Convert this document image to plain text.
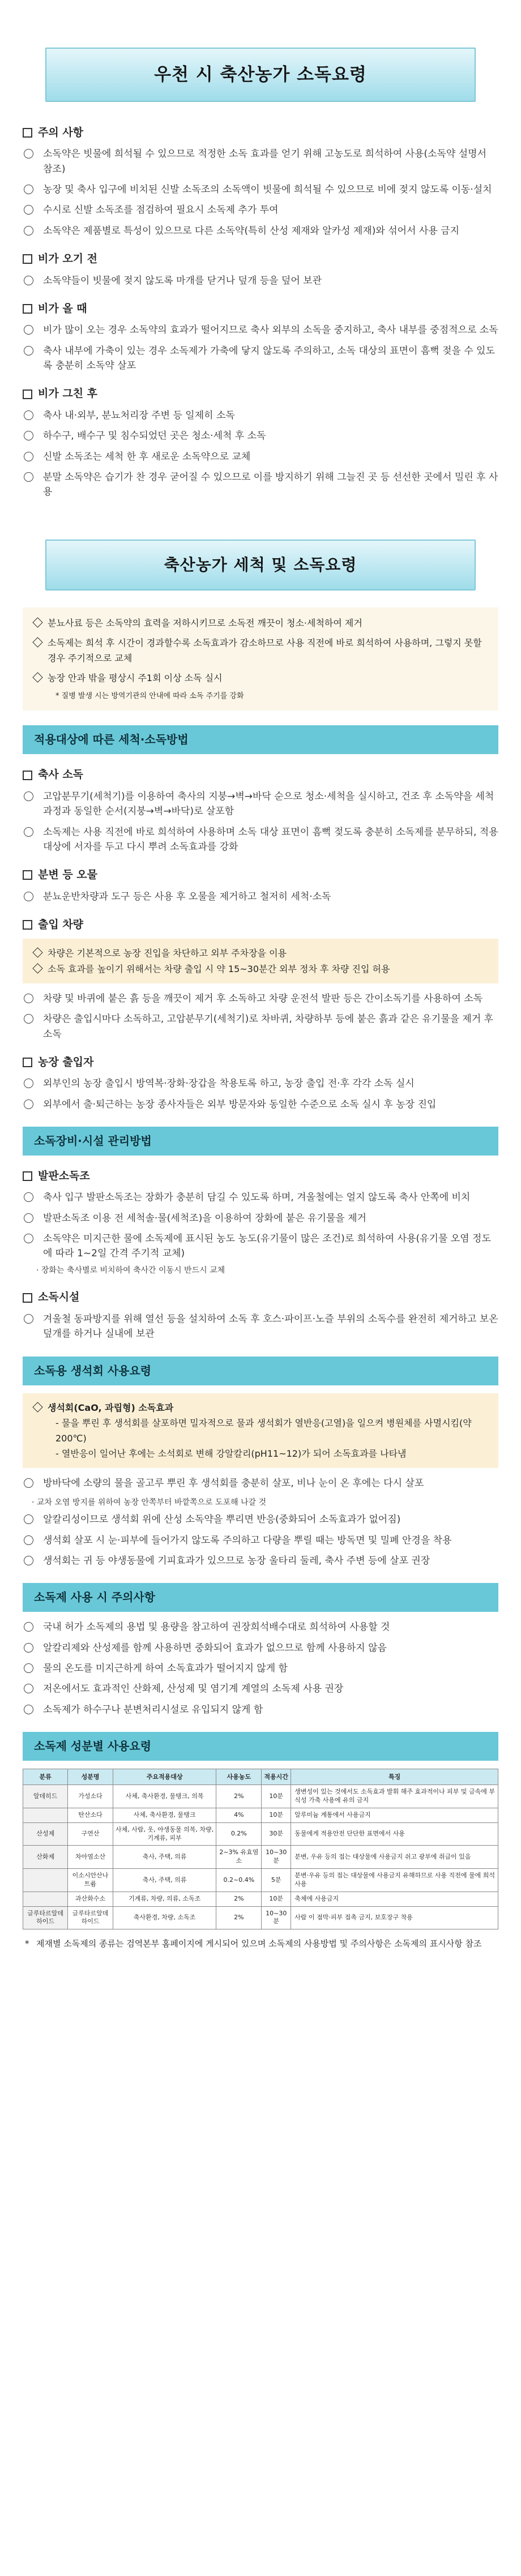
우천 시 축산농가 소독요령
주의 사항
소독약은 빗물에 희석될 수 있으므로 적정한 소독 효과를 얻기 위해 고농도로 희석하여 사용(소독약 설명서 참조)
농장 및 축사 입구에 비치된 신발 소독조의 소독액이 빗물에 희석될 수 있으므로 비에 젖지 않도록 이동·설치
수시로 신발 소독조를 점검하여 필요시 소독제 추가 투여
소독약은 제품별로 특성이 있으므로 다른 소독약(특히 산성 제재와 알카성 제재)와 섞어서 사용 금지
비가 오기 전
소독약들이 빗물에 젖지 않도록 마개를 닫거나 덮개 등을 덮어 보관
비가 올 때
비가 많이 오는 경우 소독약의 효과가 떨어지므로 축사 외부의 소독을 중지하고, 축사 내부를 중점적으로 소독
축사 내부에 가축이 있는 경우 소독제가 가축에 닿지 않도록 주의하고, 소독 대상의 표면이 흠뻑 젖을 수 있도록 충분히 소독약 살포
비가 그친 후
축사 내·외부, 분뇨처리장 주변 등 일제히 소독
하수구, 배수구 및 침수되었던 곳은 청소·세척 후 소독
신발 소독조는 세척 한 후 새로운 소독약으로 교체
분말 소독약은 습기가 찬 경우 굳어질 수 있으므로 이를 방지하기 위해 그늘진 곳 등 선선한 곳에서 밀린 후 사용
축산농가 세척 및 소독요령

분뇨사료 등은 소독약의 효력을 저하시키므로 소독전 깨끗이 청소·세척하여 제거

소독제는 희석 후 시간이 경과할수록 소독효과가 감소하므로 사용 직전에 바로 희석하여 사용하며, 그렇지 못할 경우 주기적으로 교체

농장 안과 밖을 평상시 주1회 이상 소독 실시

* 질병 발생 시는 방역기관의 안내에 따라 소독 주기를 강화

적용대상에 따른 세척·소독방법
축사 소독
고압분무기(세척기)를 이용하여 축사의 지붕→벽→바닥 순으로 청소·세척을 실시하고, 건조 후 소독약을 세척과정과 동일한 순서(지붕→벽→바닥)로 살포함
소독제는 사용 직전에 바로 희석하여 사용하며 소독 대상 표면이 흠뻑 젖도록 충분히 소독제를 분무하되, 적용 대상에 서자를 두고 다시 뿌려 소독효과를 강화
분변 등 오물
분뇨운반차량과 도구 등은 사용 후 오물을 제거하고 철저히 세척·소독
출입 차량

차량은 기본적으로 농장 진입을 차단하고 외부 주차장을 이용

소독 효과를 높이기 위해서는 차량 출입 시 약 15~30분간 외부 정차 후 차량 진입 허용

차량 및 바퀴에 붙은 흙 등을 깨끗이 제거 후 소독하고 차량 운전석 발판 등은 간이소독기를 사용하여 소독
차량은 출입시마다 소독하고, 고압분무기(세척기)로 차바퀴, 차량하부 등에 붙은 흙과 같은 유기물을 제거 후 소독
농장 출입자
외부인의 농장 출입시 방역복·장화·장갑을 착용토록 하고, 농장 출입 전·후 각각 소독 실시
외부에서 출·퇴근하는 농장 종사자들은 외부 방문자와 동일한 수준으로 소독 실시 후 농장 진입
소독장비·시설 관리방법
발판소독조
축사 입구 발판소독조는 장화가 충분히 담길 수 있도록 하며, 겨울철에는 얼지 않도록 축사 안쪽에 비치
발판소독조 이용 전 세척솔·물(세척조)을 이용하여 장화에 붙은 유기물을 제거
소독약은 미지근한 물에 소독제에 표시된 농도 농도(유기물이 많은 조건)로 희석하여 사용(유기물 오염 정도에 따라 1~2일 간격 주기적 교체)
· 장화는 축사별로 비치하여 축사간 이동시 반드시 교체
소독시설
겨울철 동파방지를 위해 열선 등을 설치하여 소독 후 호스·파이프·노즐 부위의 소독수를 완전히 제거하고 보온덮개를 하거나 실내에 보관
소독용 생석회 사용요령

생석회(CaO, 과립형) 소독효과

- 물을 뿌린 후 생석회를 살포하면 밀자적으로 물과 생석회가 열반응(고열)을 일으켜 병원체를 사멸시킴(약 200℃)
- 열반응이 일어난 후에는 소석회로 변해 강알칼리(pH11~12)가 되어 소독효과를 나타냄
방바닥에 소량의 물을 골고루 뿌린 후 생석회를 충분히 살포, 비나 눈이 온 후에는 다시 살포
· 교차 오염 방지를 위하여 농장 안쪽부터 바깥쪽으로 도포해 나갈 것
알칼리성이므로 생석회 위에 산성 소독약을 뿌리면 반응(중화되어 소독효과가 없어짐)
생석회 살포 시 눈·피부에 들어가지 않도록 주의하고 다량을 뿌릴 때는 방독면 및 밀폐 안경을 착용
생석회는 귀 등 야생동물에 기피효과가 있으므로 농장 울타리 둘레, 축사 주변 등에 살포 권장
소독제 사용 시 주의사항
국내 허가 소독제의 용법 및 용량을 참고하여 권장희석배수대로 희석하여 사용할 것
알칼리제와 산성제를 함께 사용하면 중화되어 효과가 없으므로 함께 사용하지 않음
물의 온도를 미지근하게 하여 소독효과가 떨어지지 않게 함
저온에서도 효과적인 산화제, 산성제 및 염기계 계열의 소독제 사용 권장
소독제가 하수구나 분변처리시설로 유입되지 않게 함
소독제 성분별 사용요령
분류	성분명	주요적용대상	사용농도	적용시간	특징
알데히드	가성소다	사체, 축사환경, 물탱크, 의복	2%	10분	생변성이 있는 것에서도 소독효과 발휘 해주 효과적이나 피부 및 금속에 부식성 가축 사용에 유의 금지
	탄산소다	사체, 축사환경, 물탱크	4%	10분	알루미늄 계통에서 사용금지
산성제	구연산	사체, 사람, 옷, 야생동물 의복, 차량, 기계류, 피부	0.2%	30분	동물에게 적용안전 단단한 표면에서 사용
산화제	차아염소산	축사, 주택, 의류	2~3% 유효염소	10~30분	분변, 우유 등의 접는 대상물에 사용금지 쉬고 광부에 취급이 있음
	이소시안산나트륨	축사, 주택, 의류	0.2~0.4%	5분	분변·우유 등의 접는 대상물에 사용금지 유해하므로 사용 직전에 물에 희석사용
	과산화수소	기계류, 차량, 의류, 소독조	2%	10분	축체에 사용금지
글루타르알데하이드	글루타르알데하이드	축사환경, 차량, 소독조	2%	10~30분	사람 이 점막·피부 접촉 금지, 보호장구 착용
* 제재별 소독제의 종류는 검역본부 홈페이지에 게시되어 있으며 소독제의 사용방법 및 주의사항은 소독제의 표시사항 참조
